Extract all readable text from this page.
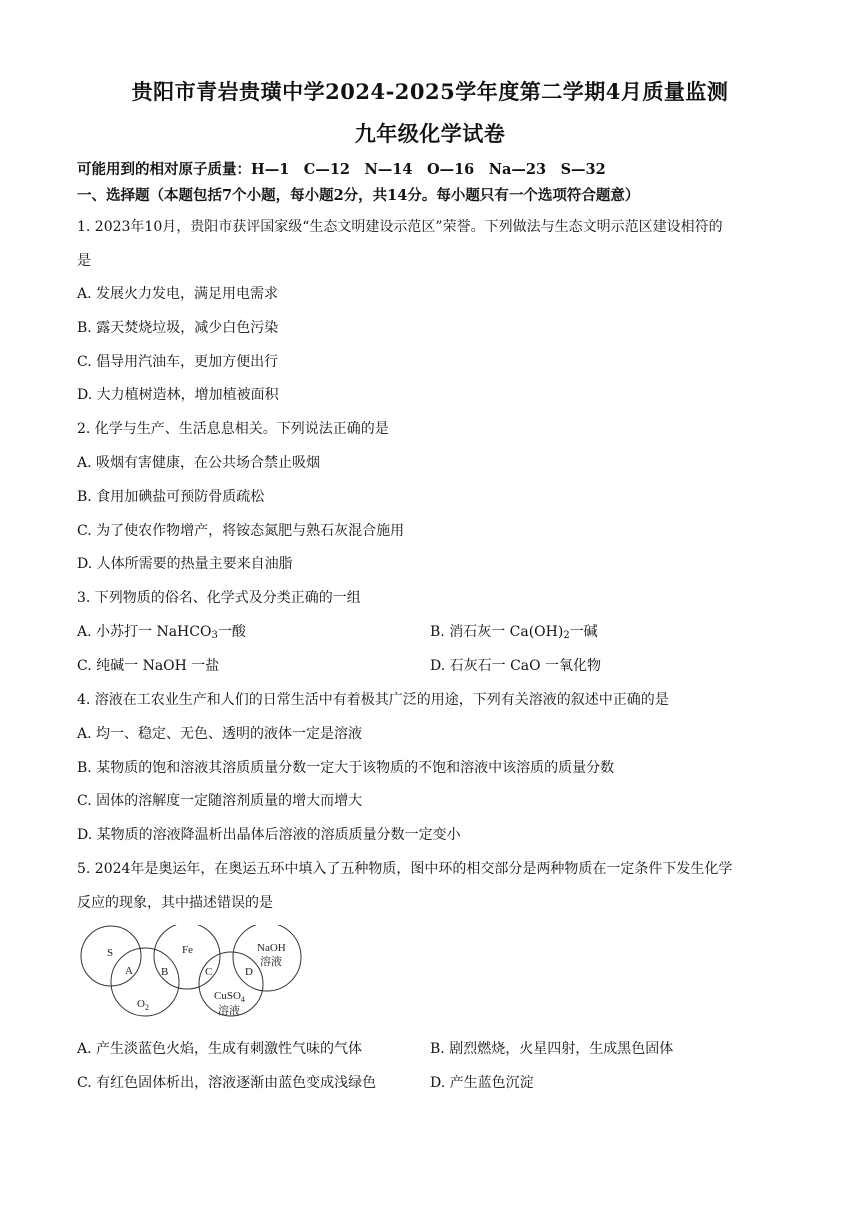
贵阳市青岩贵璜中学2024-2025学年度第二学期4月质量监测
九年级化学试卷
可能用到的相对原子质量：H—1　C—12　N—14　O—16　Na—23　S—32
一、选择题（本题包括7个小题，每小题2分，共14分。每小题只有一个选项符合题意）
1. 2023年10月，贵阳市获评国家级“生态文明建设示范区”荣誉。下列做法与生态文明示范区建设相符的
是
A. 发展火力发电，满足用电需求
B. 露天焚烧垃圾，减少白色污染
C. 倡导用汽油车，更加方便出行
D. 大力植树造林，增加植被面积
2. 化学与生产、生活息息相关。下列说法正确的是
A. 吸烟有害健康，在公共场合禁止吸烟
B. 食用加碘盐可预防骨质疏松
C. 为了使农作物增产，将铵态氮肥与熟石灰混合施用
D. 人体所需要的热量主要来自油脂
3. 下列物质的俗名、化学式及分类正确的一组
A. 小苏打一 NaHCO$_3$一酸	B. 消石灰一 $Ca(OH)_2$一碱
C. 纯碱一 NaOH 一盐	D. 石灰石一 CaO 一氧化物
4. 溶液在工农业生产和人们的日常生活中有着极其广泛的用途，下列有关溶液的叙述中正确的是
A. 均一、稳定、无色、透明的液体一定是溶液
B. 某物质的饱和溶液其溶质质量分数一定大于该物质的不饱和溶液中该溶质的质量分数
C. 固体的溶解度一定随溶剂质量的增大而增大
D. 某物质的溶液降温析出晶体后溶液的溶质质量分数一定变小
5. 2024年是奥运年，在奥运五环中填入了五种物质，图中环的相交部分是两种物质在一定条件下发生化学
反应的现象，其中描述错误的是
S	Fe	NaOH
溶液
$O_2$
CuSO$_4$
溶液
A	B	C	D
A. 产生淡蓝色火焰，生成有刺激性气味的气体	B. 剧烈燃烧，火星四射，生成黑色固体
C. 有红色固体析出，溶液逐渐由蓝色变成浅绿色	D. 产生蓝色沉淀
